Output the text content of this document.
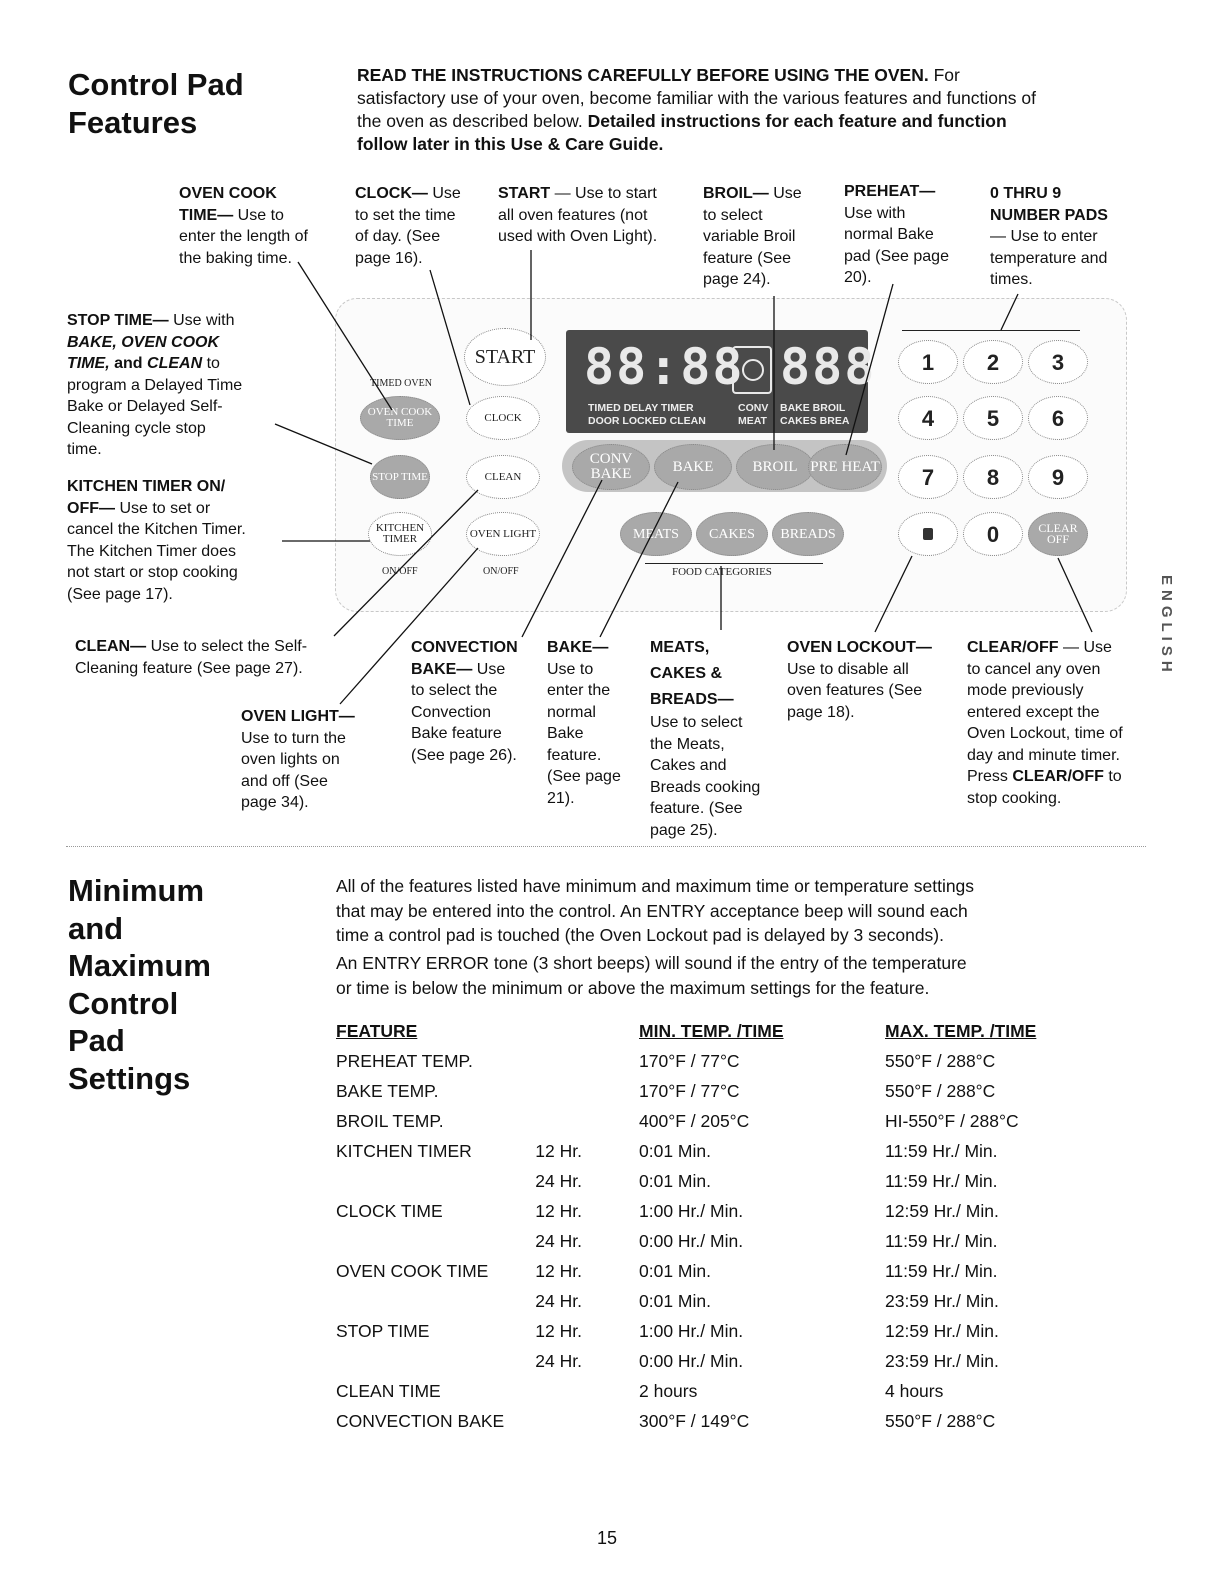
Control Pad
Features
READ THE INSTRUCTIONS CAREFULLY BEFORE USING THE OVEN. For
satisfactory use of your oven, become familiar with the various features and functions of
the oven as described below. Detailed instructions for each feature and function
follow later in this Use & Care Guide.
OVEN COOK
TIME— Use to
enter the length of
the baking time.
CLOCK— Use
to set the time
of day. (See
page 16).
START — Use to start
all oven features (not
used with Oven Light).
BROIL— Use
to select
variable Broil
feature (See
page 24).
PREHEAT—
Use with
normal Bake
pad (See page
20).
0 THRU 9
NUMBER PADS
— Use to enter
temperature and
times.
STOP TIME— Use with
BAKE, OVEN COOK
TIME, and CLEAN to
program a Delayed Time
Bake or Delayed Self-
Cleaning cycle stop
time.
KITCHEN TIMER ON/
OFF— Use to set or
cancel the Kitchen Timer.
The Kitchen Timer does
not start or stop cooking
(See page 17).
CLEAN— Use to select the Self-
Cleaning feature (See page 27).
OVEN LIGHT—
Use to turn the
oven lights on
and off (See
page 34).
CONVECTION
BAKE— Use
to select the
Convection
Bake feature
(See page 26).
BAKE—
Use to
enter the
normal
Bake
feature.
(See page
21).
MEATS,
CAKES &
BREADS—
Use to select
the Meats,
Cakes and
Breads cooking
feature. (See
page 25).
OVEN LOCKOUT—
Use to disable all
oven features (See
page 18).
CLEAR/OFF — Use
to cancel any oven
mode previously
entered except the
Oven Lockout, time of
day and minute timer.
Press CLEAR/OFF to
stop cooking.
88:88 888
TIMED DELAY TIMER
DOOR LOCKED CLEAN
CONV
MEAT
BAKE BROIL
CAKES BREA
TIMED OVEN
OVEN COOK TIME
STOP TIME
KITCHEN TIMER
ON/OFF
START
CLOCK
CLEAN
OVEN LIGHT
ON/OFF
CONV BAKE	BAKE	BROIL PRE HEAT
MEATS	CAKES	BREADS
FOOD CATEGORIES
1	2	3
4	5	6
7	8	9
0	CLEAR OFF
ENGLISH
Minimum
and
Maximum
Control
Pad
Settings
All of the features listed have minimum and maximum time or temperature settings
that may be entered into the control. An ENTRY acceptance beep will sound each
time a control pad is touched (the Oven Lockout pad is delayed by 3 seconds).
An ENTRY ERROR tone (3 short beeps) will sound if the entry of the temperature
or time is below the minimum or above the maximum settings for the feature.
FEATURE		MIN. TEMP. /TIME	MAX. TEMP. /TIME
PREHEAT TEMP.		170°F / 77°C	550°F / 288°C
BAKE TEMP.		170°F / 77°C	550°F / 288°C
BROIL TEMP.		400°F / 205°C	HI-550°F / 288°C
KITCHEN TIMER	12 Hr.	0:01 Min.	11:59 Hr./ Min.
	24 Hr.	0:01 Min.	11:59 Hr./ Min.
CLOCK TIME	12 Hr.	1:00 Hr./ Min.	12:59 Hr./ Min.
	24 Hr.	0:00 Hr./ Min.	11:59 Hr./ Min.
OVEN COOK TIME	12 Hr.	0:01 Min.	11:59 Hr./ Min.
	24 Hr.	0:01 Min.	23:59 Hr./ Min.
STOP TIME	12 Hr.	1:00 Hr./ Min.	12:59 Hr./ Min.
	24 Hr.	0:00 Hr./ Min.	23:59 Hr./ Min.
CLEAN TIME		2 hours	4 hours
CONVECTION BAKE		300°F / 149°C	550°F / 288°C
15
